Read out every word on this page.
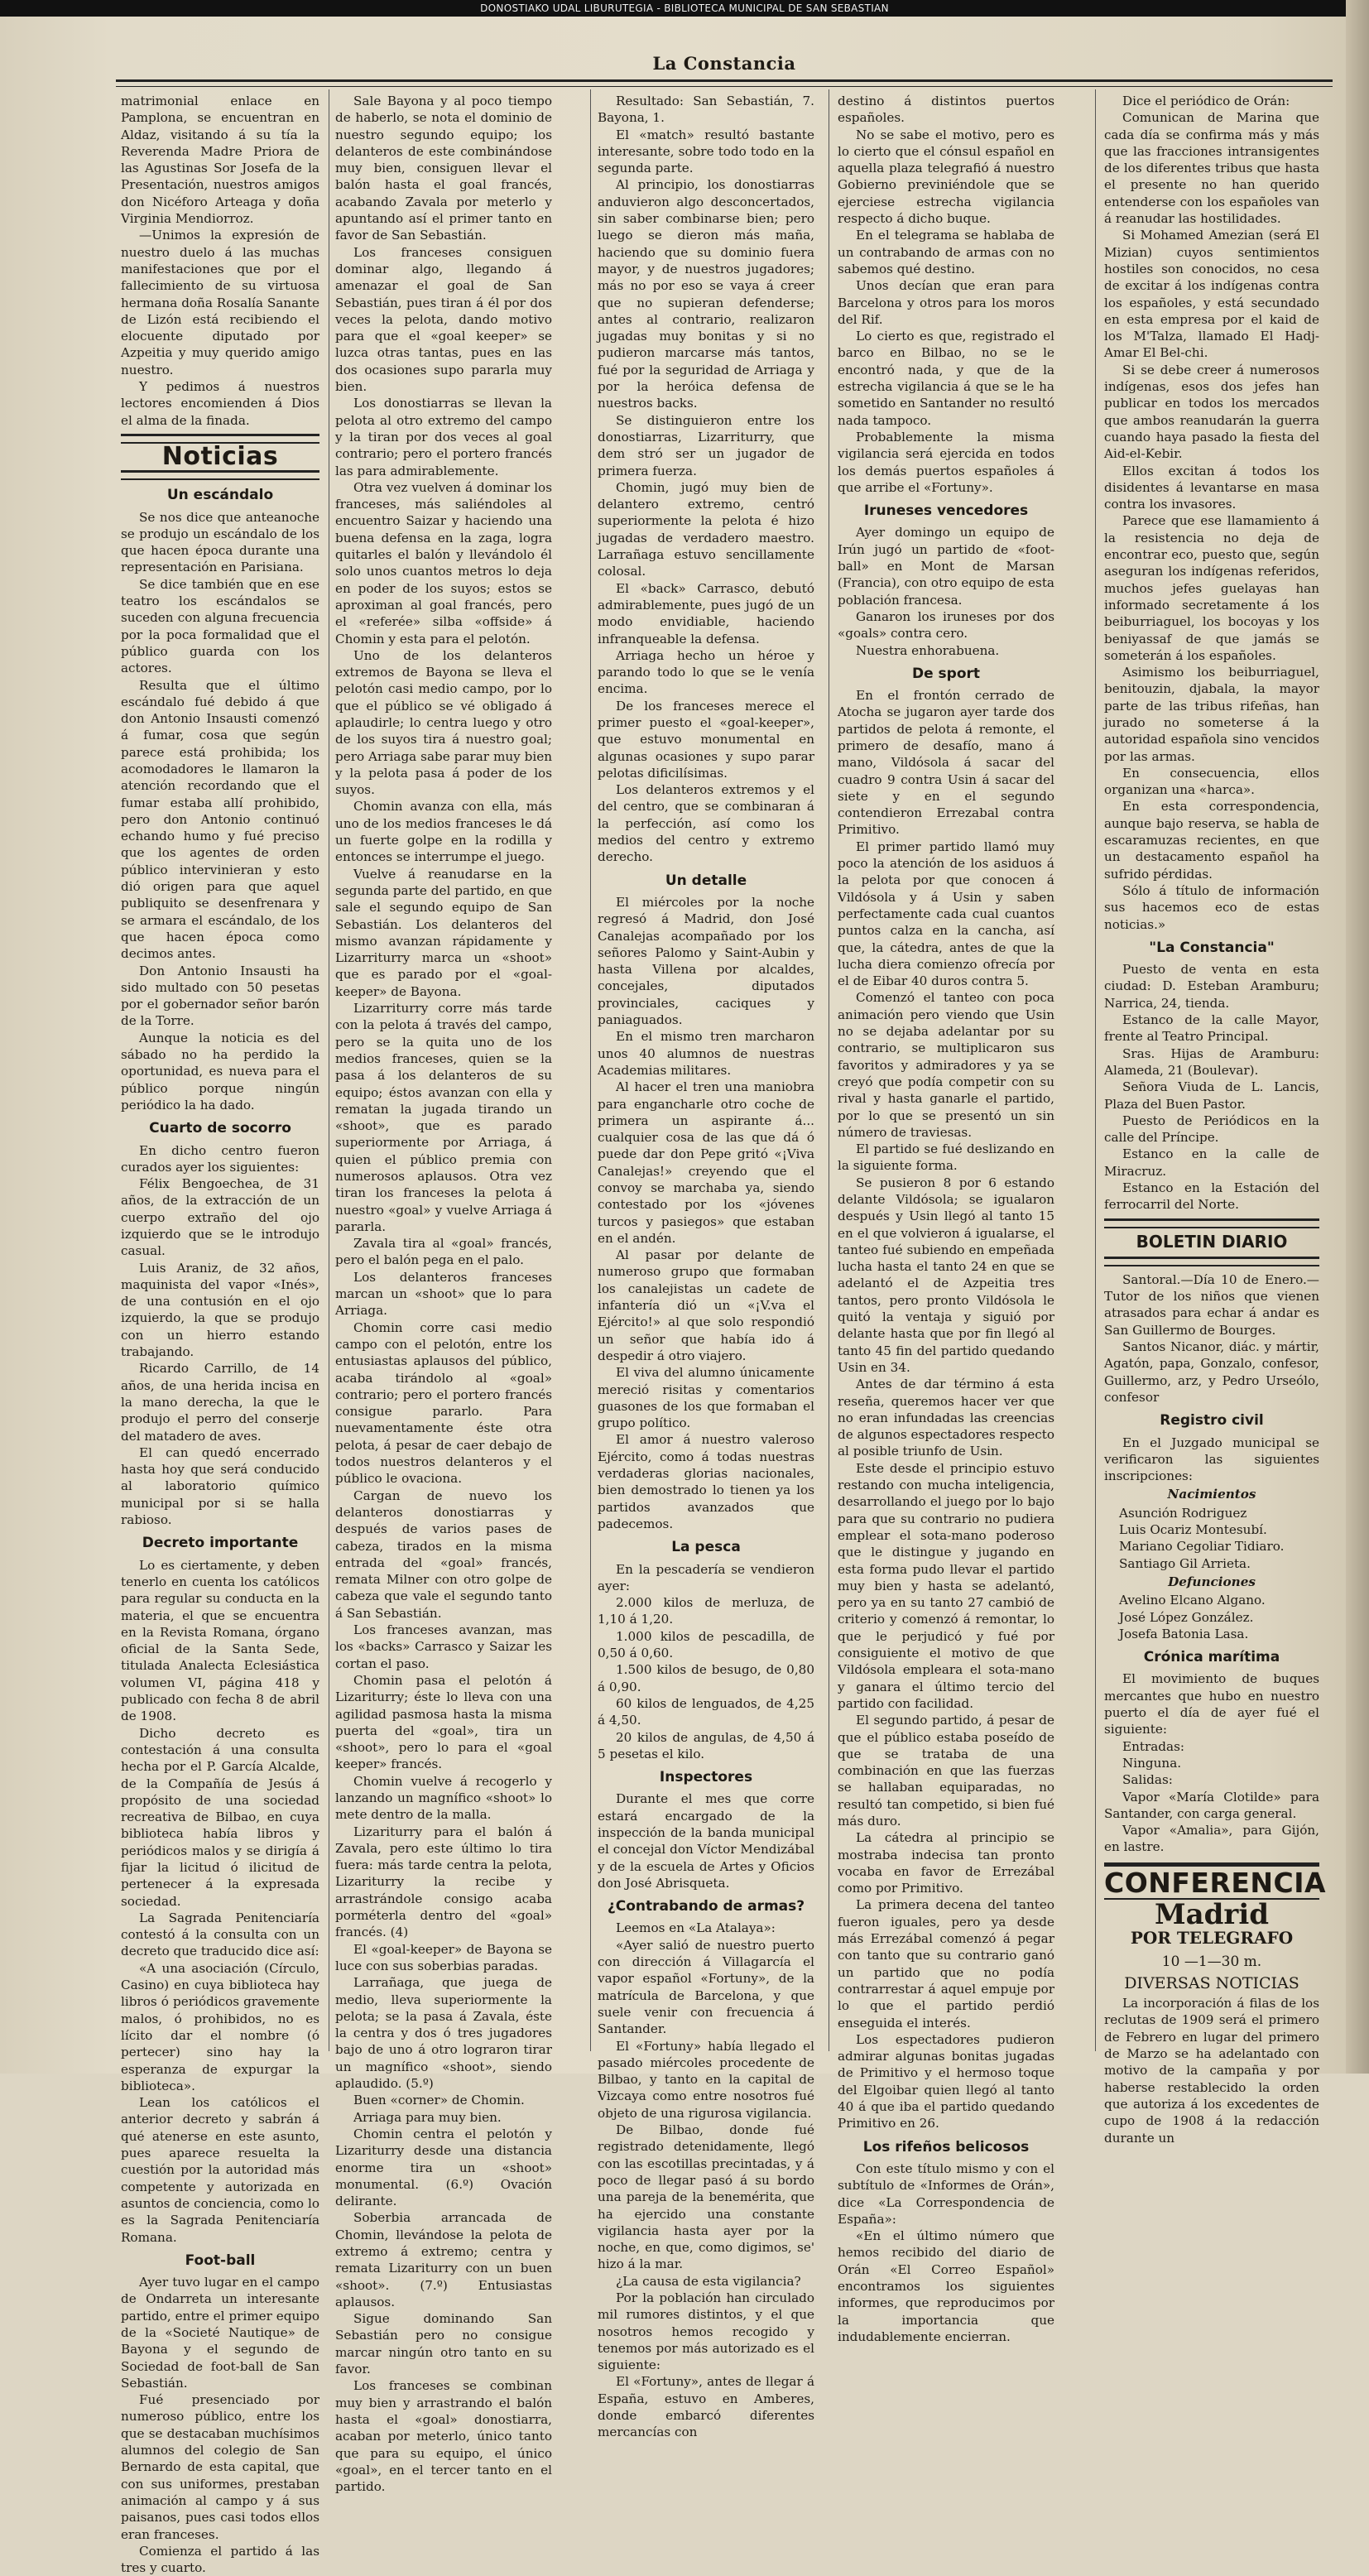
DONOSTIAKO UDAL LIBURUTEGIA - BIBLIOTECA MUNICIPAL DE SAN SEBASTIAN
La Constancia

matrimonial enlace en Pamplona, se encuentran en Aldaz, visitando á su tía la Reverenda Madre Priora de las Agustinas Sor Josefa de la Presentación, nuestros amigos don Nicéforo Arteaga y doña Virginia Mendiorroz.

—Unimos la expresión de nuestro duelo á las muchas manifestaciones que por el fallecimiento de su virtuosa hermana doña Rosalía Sanante de Lizón está recibiendo el elocuente diputado por Azpeitia y muy querido amigo nuestro.

Y pedimos á nuestros lectores encomienden á Dios el alma de la finada.

Noticias
Un escándalo

Se nos dice que anteanoche se produjo un escándalo de los que hacen época durante una representación en Parisiana.

Se dice también que en ese teatro los escándalos se suceden con alguna frecuencia por la poca formalidad que el público guarda con los actores.

Resulta que el último escándalo fué debido á que don Antonio Insausti comenzó á fumar, cosa que según parece está prohibida; los acomodadores le llamaron la atención recordando que el fumar estaba allí prohibido, pero don Antonio continuó echando humo y fué preciso que los agentes de orden público intervinieran y esto dió origen para que aquel publiquito se desenfrenara y se armara el escándalo, de los que hacen época como decimos antes.

Don Antonio Insausti ha sido multado con 50 pesetas por el gobernador señor barón de la Torre.

Aunque la noticia es del sábado no ha perdido la oportunidad, es nueva para el público porque ningún periódico la ha dado.

Cuarto de socorro

En dicho centro fueron curados ayer los siguientes:

Félix Bengoechea, de 31 años, de la extracción de un cuerpo extraño del ojo izquierdo que se le introdujo casual.

Luis Araniz, de 32 años, maquinista del vapor «Inés», de una contusión en el ojo izquierdo, la que se produjo con un hierro estando trabajando.

Ricardo Carrillo, de 14 años, de una herida incisa en la mano derecha, la que le produjo el perro del conserje del matadero de aves.

El can quedó encerrado hasta hoy que será conducido al laboratorio químico municipal por si se halla rabioso.

Decreto importante

Lo es ciertamente, y deben tenerlo en cuenta los católicos para regular su conducta en la materia, el que se encuentra en la Revista Romana, órgano oficial de la Santa Sede, titulada Analecta Eclesiástica volumen VI, página 418 y publicado con fecha 8 de abril de 1908.

Dicho decreto es contestación á una consulta hecha por el P. García Alcalde, de la Compañía de Jesús á propósito de una sociedad recreativa de Bilbao, en cuya biblioteca había libros y periódicos malos y se dirigía á fijar la licitud ó ilicitud de pertenecer á la expresada sociedad.

La Sagrada Penitenciaría contestó á la consulta con un decreto que traducido dice así:

«A una asociación (Círculo, Casino) en cuya biblioteca hay libros ó periódicos gravemente malos, ó prohibidos, no es lícito dar el nombre (ó pertecer) sino hay la esperanza de expurgar la biblioteca».

Lean los católicos el anterior decreto y sabrán á qué atenerse en este asunto, pues aparece resuelta la cuestión por la autoridad más competente y autorizada en asuntos de conciencia, como lo es la Sagrada Penitenciaría Romana.

Foot-ball

Ayer tuvo lugar en el campo de Ondarreta un interesante partido, entre el primer equipo de la «Societé Nautique» de Bayona y el segundo de Sociedad de foot-ball de San Sebastián.

Fué presenciado por numeroso público, entre los que se destacaban muchísimos alumnos del colegio de San Bernardo de esta capital, que con sus uniformes, prestaban animación al campo y á sus paisanos, pues casi todos ellos eran franceses.

Comienza el partido á las tres y cuarto.

Sale Bayona y al poco tiempo de haberlo, se nota el dominio de nuestro segundo equipo; los delanteros de este combinándose muy bien, consiguen llevar el balón hasta el goal francés, acabando Zavala por meterlo y apuntando así el primer tanto en favor de San Sebastián.

Los franceses consiguen dominar algo, llegando á amenazar el goal de San Sebastián, pues tiran á él por dos veces la pelota, dando motivo para que el «goal keeper» se luzca otras tantas, pues en las dos ocasiones supo pararla muy bien.

Los donostiarras se llevan la pelota al otro extremo del campo y la tiran por dos veces al goal contrario; pero el portero francés las para admirablemente.

Otra vez vuelven á dominar los franceses, más saliéndoles al encuentro Saizar y haciendo una buena defensa en la zaga, logra quitarles el balón y llevándolo él solo unos cuantos metros lo deja en poder de los suyos; estos se aproximan al goal francés, pero el «referée» silba «offside» á Chomin y esta para el pelotón.

Uno de los delanteros extremos de Bayona se lleva el pelotón casi medio campo, por lo que el público se vé obligado á aplaudirle; lo centra luego y otro de los suyos tira á nuestro goal; pero Arriaga sabe parar muy bien y la pelota pasa á poder de los suyos.

Chomin avanza con ella, más uno de los medios franceses le dá un fuerte golpe en la rodilla y entonces se interrumpe el juego.

Vuelve á reanudarse en la segunda parte del partido, en que sale el segundo equipo de San Sebastián. Los delanteros del mismo avanzan rápidamente y Lizarriturry marca un «shoot» que es parado por el «goal-keeper» de Bayona.

Lizarriturry corre más tarde con la pelota á través del campo, pero se la quita uno de los medios franceses, quien se la pasa á los delanteros de su equipo; éstos avanzan con ella y rematan la jugada tirando un «shoot», que es parado superiormente por Arriaga, á quien el público premia con numerosos aplausos. Otra vez tiran los franceses la pelota á nuestro «goal» y vuelve Arriaga á pararla.

Zavala tira al «goal» francés, pero el balón pega en el palo.

Los delanteros franceses marcan un «shoot» que lo para Arriaga.

Chomin corre casi medio campo con el pelotón, entre los entusiastas aplausos del público, acaba tirándolo al «goal» contrario; pero el portero francés consigue pararlo. Para nuevamentamente éste otra pelota, á pesar de caer debajo de todos nuestros delanteros y el público le ovaciona.

Cargan de nuevo los delanteros donostiarras y después de varios pases de cabeza, tirados en la misma entrada del «goal» francés, remata Milner con otro golpe de cabeza que vale el segundo tanto á San Sebastián.

Los franceses avanzan, mas los «backs» Carrasco y Saizar les cortan el paso.

Chomin pasa el pelotón á Lizariturry; éste lo lleva con una agilidad pasmosa hasta la misma puerta del «goal», tira un «shoot», pero lo para el «goal keeper» francés.

Chomin vuelve á recogerlo y lanzando un magnífico «shoot» lo mete dentro de la malla.

Lizariturry para el balón á Zavala, pero este último lo tira fuera: más tarde centra la pelota, Lizariturry la recibe y arrastrándole consigo acaba porméterla dentro del «goal» francés. (4)

El «goal-keeper» de Bayona se luce con sus soberbias paradas.

Larrañaga, que juega de medio, lleva superiormente la pelota; se la pasa á Zavala, éste la centra y dos ó tres jugadores bajo de uno á otro lograron tirar un magnífico «shoot», siendo aplaudido. (5.º)

Buen «corner» de Chomin.

Arriaga para muy bien.

Chomin centra el pelotón y Lizariturry desde una distancia enorme tira un «shoot» monumental. (6.º) Ovación delirante.

Soberbia arrancada de Chomin, llevándose la pelota de extremo á extremo; centra y remata Lizariturry con un buen «shoot». (7.º) Entusiastas aplausos.

Sigue dominando San Sebastián pero no consigue marcar ningún otro tanto en su favor.

Los franceses se combinan muy bien y arrastrando el balón hasta el «goal» donostiarra, acaban por meterlo, único tanto que para su equipo, el único «goal», en el tercer tanto en el partido.

Resultado: San Sebastián, 7. Bayona, 1.

El «match» resultó bastante interesante, sobre todo todo en la segunda parte.

Al principio, los donostiarras anduvieron algo desconcertados, sin saber combinarse bien; pero luego se dieron más maña, haciendo que su dominio fuera mayor, y de nuestros jugadores; más no por eso se vaya á creer que no supieran defenderse; antes al contrario, realizaron jugadas muy bonitas y si no pudieron marcarse más tantos, fué por la seguridad de Arriaga y por la heróica defensa de nuestros backs.

Se distinguieron entre los donostiarras, Lizarriturry, que dem stró ser un jugador de primera fuerza.

Chomin, jugó muy bien de delantero extremo, centró superiormente la pelota é hizo jugadas de verdadero maestro. Larrañaga estuvo sencillamente colosal.

El «back» Carrasco, debutó admirablemente, pues jugó de un modo envidiable, haciendo infranqueable la defensa.

Arriaga hecho un héroe y parando todo lo que se le venía encima.

De los franceses merece el primer puesto el «goal-keeper», que estuvo monumental en algunas ocasiones y supo parar pelotas dificilísimas.

Los delanteros extremos y el del centro, que se combinaran á la perfección, así como los medios del centro y extremo derecho.

Un detalle

El miércoles por la noche regresó á Madrid, don José Canalejas acompañado por los señores Palomo y Saint-Aubin y hasta Villena por alcaldes, concejales, diputados provinciales, caciques y paniaguados.

En el mismo tren marcharon unos 40 alumnos de nuestras Academias militares.

Al hacer el tren una maniobra para engancharle otro coche de primera un aspirante á... cualquier cosa de las que dá ó puede dar don Pepe gritó «¡Viva Canalejas!» creyendo que el convoy se marchaba ya, siendo contestado por los «jóvenes turcos y pasiegos» que estaban en el andén.

Al pasar por delante de numeroso grupo que formaban los canalejistas un cadete de infantería dió un «¡V.va el Ejército!» al que solo respondió un señor que había ido á despedir á otro viajero.

El viva del alumno únicamente mereció risitas y comentarios guasones de los que formaban el grupo político.

El amor á nuestro valeroso Ejército, como á todas nuestras verdaderas glorias nacionales, bien demostrado lo tienen ya los partidos avanzados que padecemos.

La pesca

En la pescadería se vendieron ayer:

2.000 kilos de merluza, de 1,10 á 1,20.

1.000 kilos de pescadilla, de 0,50 á 0,60.

1.500 kilos de besugo, de 0,80 á 0,90.

60 kilos de lenguados, de 4,25 á 4,50.

20 kilos de angulas, de 4,50 á 5 pesetas el kilo.

Inspectores

Durante el mes que corre estará encargado de la inspección de la banda municipal el concejal don Víctor Mendizábal y de la escuela de Artes y Oficios don José Abrisqueta.

¿Contrabando de armas?

Leemos en «La Atalaya»:

«Ayer salió de nuestro puerto con dirección á Villagarcía el vapor español «Fortuny», de la matrícula de Barcelona, y que suele venir con frecuencia á Santander.

El «Fortuny» había llegado el pasado miércoles procedente de Bilbao, y tanto en la capital de Vizcaya como entre nosotros fué objeto de una rigurosa vigilancia.

De Bilbao, donde fué registrado detenidamente, llegó con las escotillas precintadas, y á poco de llegar pasó á su bordo una pareja de la benemérita, que ha ejercido una constante vigilancia hasta ayer por la noche, en que, como digimos, se' hizo á la mar.

¿La causa de esta vigilancia?

Por la población han circulado mil rumores distintos, y el que nosotros hemos recogido y tenemos por más autorizado es el siguiente:

El «Fortuny», antes de llegar á España, estuvo en Amberes, donde embarcó diferentes mercancías con

destino á distintos puertos españoles.

No se sabe el motivo, pero es lo cierto que el cónsul español en aquella plaza telegrafió á nuestro Gobierno previniéndole que se ejerciese estrecha vigilancia respecto á dicho buque.

En el telegrama se hablaba de un contrabando de armas con no sabemos qué destino.

Unos decían que eran para Barcelona y otros para los moros del Rif.

Lo cierto es que, registrado el barco en Bilbao, no se le encontró nada, y que de la estrecha vigilancia á que se le ha sometido en Santander no resultó nada tampoco.

Probablemente la misma vigilancia será ejercida en todos los demás puertos españoles á que arribe el «Fortuny».

Iruneses vencedores

Ayer domingo un equipo de Irún jugó un partido de «foot-ball» en Mont de Marsan (Francia), con otro equipo de esta población francesa.

Ganaron los iruneses por dos «goals» contra cero.

Nuestra enhorabuena.

De sport

En el frontón cerrado de Atocha se jugaron ayer tarde dos partidos de pelota á remonte, el primero de desafío, mano á mano, Vildósola á sacar del cuadro 9 contra Usin á sacar del siete y en el segundo contendieron Errezabal contra Primitivo.

El primer partido llamó muy poco la atención de los asiduos á la pelota por que conocen á Vildósola y á Usin y saben perfectamente cada cual cuantos puntos calza en la cancha, así que, la cátedra, antes de que la lucha diera comienzo ofrecía por el de Eibar 40 duros contra 5.

Comenzó el tanteo con poca animación pero viendo que Usin no se dejaba adelantar por su contrario, se multiplicaron sus favoritos y admiradores y ya se creyó que podía competir con su rival y hasta ganarle el partido, por lo que se presentó un sin número de traviesas.

El partido se fué deslizando en la siguiente forma.

Se pusieron 8 por 6 estando delante Vildósola; se igualaron después y Usin llegó al tanto 15 en el que volvieron á igualarse, el tanteo fué subiendo en empeñada lucha hasta el tanto 24 en que se adelantó el de Azpeitia tres tantos, pero pronto Vildósola le quitó la ventaja y siguió por delante hasta que por fin llegó al tanto 45 fin del partido quedando Usin en 34.

Antes de dar término á esta reseña, queremos hacer ver que no eran infundadas las creencias de algunos espectadores respecto al posible triunfo de Usin.

Este desde el principio estuvo restando con mucha inteligencia, desarrollando el juego por lo bajo para que su contrario no pudiera emplear el sota-mano poderoso que le distingue y jugando en esta forma pudo llevar el partido muy bien y hasta se adelantó, pero ya en su tanto 27 cambió de criterio y comenzó á remontar, lo que le perjudicó y fué por consiguiente el motivo de que Vildósola empleara el sota-mano y ganara el último tercio del partido con facilidad.

El segundo partido, á pesar de que el público estaba poseído de que se trataba de una combinación en que las fuerzas se hallaban equiparadas, no resultó tan competido, si bien fué más duro.

La cátedra al principio se mostraba indecisa tan pronto vocaba en favor de Errezábal como por Primitivo.

La primera decena del tanteo fueron iguales, pero ya desde más Errezábal comenzó á pegar con tanto que su contrario ganó un partido que no podía contrarrestar á aquel empuje por lo que el partido perdió enseguida el interés.

Los espectadores pudieron admirar algunas bonitas jugadas de Primitivo y el hermoso toque del Elgoibar quien llegó al tanto 40 á que iba el partido quedando Primitivo en 26.

Los rifeños belicosos

Con este título mismo y con el subtítulo de «Informes de Orán», dice «La Correspondencia de España»:

«En el último número que hemos recibido del diario de Orán «El Correo Español» encontramos los siguientes informes, que reproducimos por la importancia que indudablemente encierran.

Dice el periódico de Orán:

Comunican de Marina que cada día se confirma más y más que las fracciones intransigentes de los diferentes tribus que hasta el presente no han querido entenderse con los españoles van á reanudar las hostilidades.

Si Mohamed Amezian (será El Mizian) cuyos sentimientos hostiles son conocidos, no cesa de excitar á los indígenas contra los españoles, y está secundado en esta empresa por el kaid de los M'Talza, llamado El Hadj-Amar El Bel-chi.

Si se debe creer á numerosos indígenas, esos dos jefes han publicar en todos los mercados que ambos reanudarán la guerra cuando haya pasado la fiesta del Aid-el-Kebir.

Ellos excitan á todos los disidentes á levantarse en masa contra los invasores.

Parece que ese llamamiento á la resistencia no deja de encontrar eco, puesto que, según aseguran los indígenas referidos, muchos jefes guelayas han informado secretamente á los beiburriaguel, los bocoyas y los beniyassaf de que jamás se someterán á los españoles.

Asimismo los beiburriaguel, benitouzin, djabala, la mayor parte de las tribus rifeñas, han jurado no someterse á la autoridad española sino vencidos por las armas.

En consecuencia, ellos organizan una «harca».

En esta correspondencia, aunque bajo reserva, se habla de escaramuzas recientes, en que un destacamento español ha sufrido pérdidas.

Sólo á título de información sus hacemos eco de estas noticias.»

"La Constancia"

Puesto de venta en esta ciudad: D. Esteban Aramburu; Narrica, 24, tienda.

Estanco de la calle Mayor, frente al Teatro Principal.

Sras. Hijas de Aramburu: Alameda, 21 (Boulevar).

Señora Viuda de L. Lancis, Plaza del Buen Pastor.

Puesto de Periódicos en la calle del Príncipe.

Estanco en la calle de Miracruz.

Estanco en la Estación del ferrocarril del Norte.

BOLETIN DIARIO

Santoral.—Día 10 de Enero.—Tutor de los niños que vienen atrasados para echar á andar es San Guillermo de Bourges.

Santos Nicanor, diác. y mártir, Agatón, papa, Gonzalo, confesor, Guillermo, arz, y Pedro Urseólo, confesor

Registro civil

En el Juzgado municipal se verificaron las siguientes inscripciones:

Nacimientos
Asunción Rodriguez
Luis Ocariz Montesubí.
Mariano Cegoliar Tidiaro.
Santiago Gil Arrieta.
Defunciones
Avelino Elcano Algano.
José López González.
Josefa Batonia Lasa.
Crónica marítima

El movimiento de buques mercantes que hubo en nuestro puerto el día de ayer fué el siguiente:

Entradas:

Ninguna.

Salidas:

Vapor «María Clotilde» para Santander, con carga general.

Vapor «Amalia», para Gijón, en lastre.

CONFERENCIA
Madrid
POR TELEGRAFO
10 —1—30 m.
DIVERSAS NOTICIAS

La incorporación á filas de los reclutas de 1909 será el primero de Febrero en lugar del primero de Marzo se ha adelantado con motivo de la campaña y por haberse restablecido la orden que autoriza á los excedentes de cupo de 1908 á la redacción durante un
